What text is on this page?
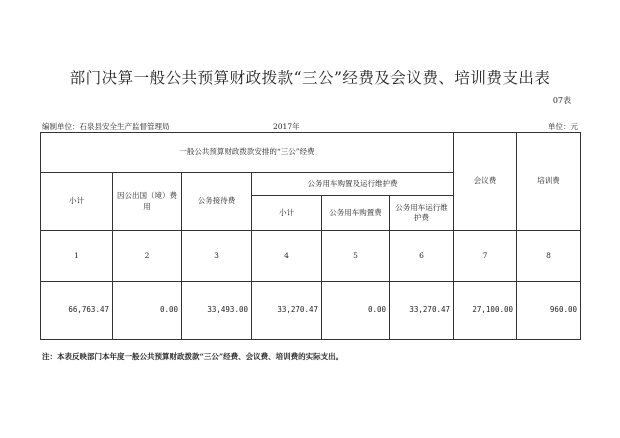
部门决算一般公共预算财政拨款“三公”经费及会议费、培训费支出表
07表
编制单位：石泉县安全生产监督管理局	2017年	单位：元
一般公共预算财政拨款安排的“三公”经费						会议费	培训费
小计	因公出国（境）费用	公务接待费	公务用车购置及运行维护费				
			小计	公务用车购置费	公务用车运行维护费		
1	2	3	4	5	6	7	8
66,763.47	0.00	33,493.00	33,270.47	0.00	33,270.47	27,100.00	960.00
注：本表反映部门本年度一般公共预算财政拨款“三公”经费、会议费、培训费的实际支出。
